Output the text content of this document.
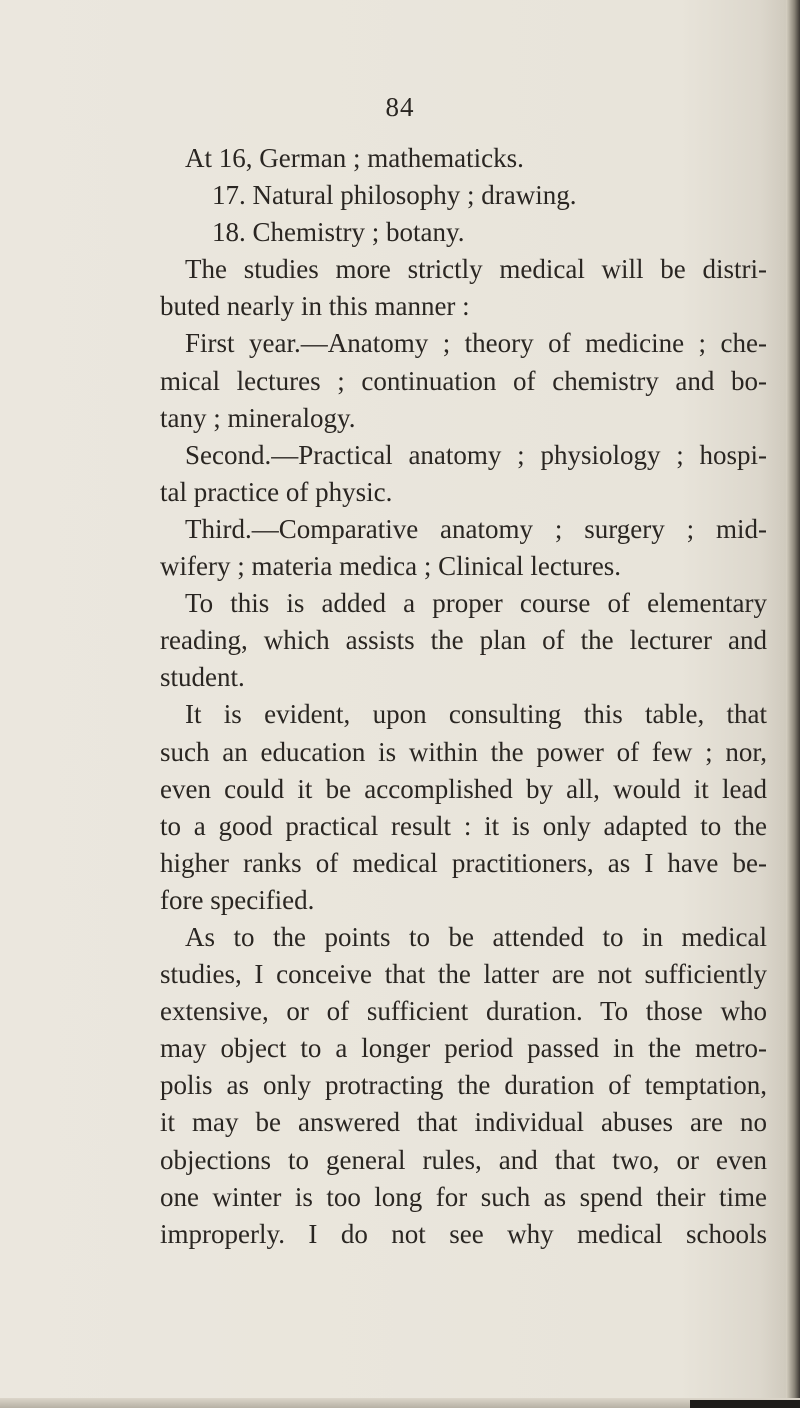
84
At 16, German ; mathematicks.
17. Natural philosophy ; drawing.
18. Chemistry ; botany.
The studies more strictly medical will be distri-
buted nearly in this manner :
First year.—Anatomy ; theory of medicine ; che-
mical lectures ; continuation of chemistry and bo-
tany ; mineralogy.
Second.—Practical anatomy ; physiology ; hospi-
tal practice of physic.
Third.—Comparative anatomy ; surgery ; mid-
wifery ; materia medica ; Clinical lectures.
To this is added a proper course of elementary
reading, which assists the plan of the lecturer and
student.
It is evident, upon consulting this table, that
such an education is within the power of few ; nor,
even could it be accomplished by all, would it lead
to a good practical result : it is only adapted to the
higher ranks of medical practitioners, as I have be-
fore specified.
As to the points to be attended to in medical
studies, I conceive that the latter are not sufficiently
extensive, or of sufficient duration. To those who
may object to a longer period passed in the metro-
polis as only protracting the duration of temptation,
it may be answered that individual abuses are no
objections to general rules, and that two, or even
one winter is too long for such as spend their time
improperly. I do not see why medical schools
